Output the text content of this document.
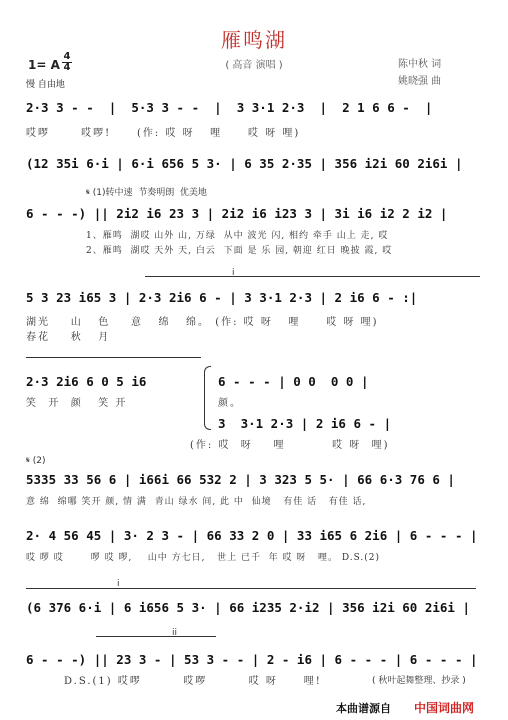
雁鸣湖
( 高音 演唱 )	陈中秋 词
姚晓强 曲
1= A
4
4
慢 自由地
2·3 3 - -  |  5·3 3 - -  |  3 3·1 2·3  |  2 1 6 6 -  |
哎啰      哎啰!     (作: 哎 呀   哩     哎 呀 哩)
(12 35i 6·i | 6·i 656 5 3· | 6 35 2·35 | 356 i2i 60 2i6i |
𝄋 (1)转中速  节奏明朗  优美地
6 - - -) || 2i2 i6 23 3 | 2i2 i6 i23 3 | 3i i6 i2 2 i2 |
1、雁鸣  湖哎 山外 山, 万绿  从中 波光 闪, 相约 牵手 山上 走, 哎
2、雁鸣  湖哎 天外 天, 白云  下面 是 乐 园, 朝迎 红日 晚披 霞, 哎
i
5 3 23 i65 3 | 2·3 2i6 6 - | 3 3·1 2·3 | 2 i6 6 - :|
湖光    山   色    意   绵   绵。 (作: 哎 呀   哩     哎 呀 哩)
春花    秋   月
2·3 2i6 6 0 5 i6
笑  开  颜   笑 开
6 - - - | 0 0  0 0 |
颜。
3  3·1 2·3 | 2 i6 6 - |
(作: 哎  呀    哩         哎 呀  哩)
𝄋 (2)
5335 33 56 6 | i66i 66 532 2 | 3 323 5 5· | 66 6·3 76 6 |
意 绵  绵哪 笑开 颜, 情 满  青山 绿水 间, 此 中  仙境   有佳 话   有佳 话,
2· 4 56 45 | 3· 2 3 - | 66 33 2 0 | 33 i65 6 2i6 | 6 - - - |
哎 啰 哎       啰 哎 啰,    山中 方七日,   世上 已千  年 哎 呀   哩。 D.S.(2)
i
(6 376 6·i | 6 i656 5 3· | 66 i235 2·i2 | 356 i2i 60 2i6i |
ii
6 - - -) || 23 3 - | 53 3 - - | 2 - i6 | 6 - - - | 6 - - - |
D.S.(1) 哎啰        哎啰        哎 呀     哩!	( 秋叶起舞整理、抄录 )
本曲谱源自 中国词曲网
